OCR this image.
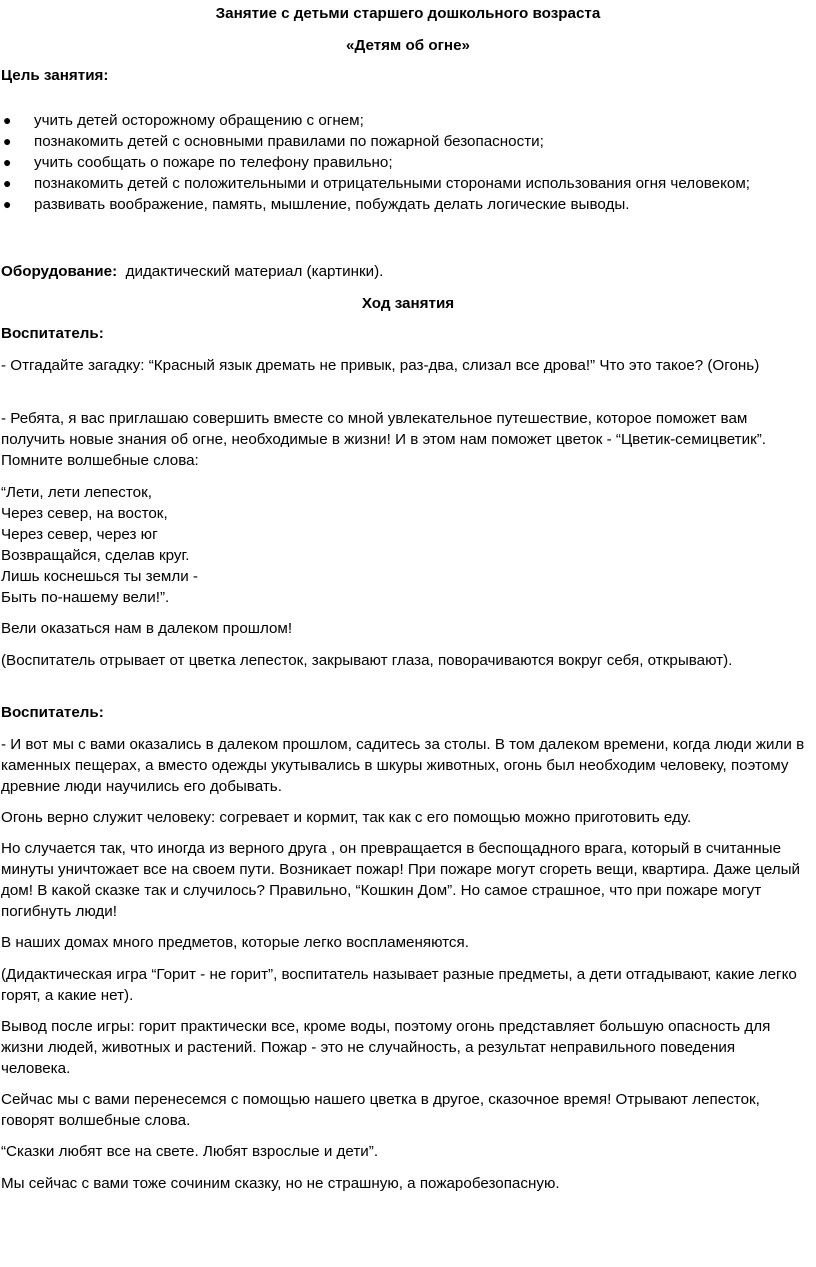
Занятие с детьми старшего дошкольного возраста
«Детям об огне»
Цель занятия:
● учить детей осторожному обращению с огнем;
● познакомить детей с основными правилами по пожарной безопасности;
● учить сообщать о пожаре по телефону правильно;
● познакомить детей с положительными и отрицательными сторонами использования огня человеком;
● развивать воображение, память, мышление, побуждать делать логические выводы.

Оборудование: дидактический материал (картинки).

Ход занятия
Воспитатель:

- Отгадайте загадку: “Красный язык дремать не привык, раз-два, слизал все дрова!” Что это такое? (Огонь)

- Ребята, я вас приглашаю совершить вместе со мной увлекательное путешествие, которое поможет вам получить новые знания об огне, необходимые в жизни! И в этом нам поможет цветок - “Цветик-семицветик”. Помните волшебные слова:

“Лети, лети лепесток,
Через север, на восток,
Через север, через юг
Возвращайся, сделав круг.
Лишь коснешься ты земли -
Быть по-нашему вели!”.

Вели оказаться нам в далеком прошлом!

(Воспитатель отрывает от цветка лепесток, закрывают глаза, поворачиваются вокруг себя, открывают).

Воспитатель:

- И вот мы с вами оказались в далеком прошлом, садитесь за столы. В том далеком времени, когда люди жили в каменных пещерах, а вместо одежды укутывались в шкуры животных, огонь был необходим человеку, поэтому древние люди научились его добывать.

Огонь верно служит человеку: согревает и кормит, так как с его помощью можно приготовить еду.

Но случается так, что иногда из верного друга , он превращается в беспощадного врага, который в считанные минуты уничтожает все на своем пути. Возникает пожар! При пожаре могут сгореть вещи, квартира. Даже целый дом! В какой сказке так и случилось? Правильно, “Кошкин Дом”. Но самое страшное, что при пожаре могут погибнуть люди!

В наших домах много предметов, которые легко воспламеняются.

(Дидактическая игра “Горит - не горит”, воспитатель называет разные предметы, а дети отгадывают, какие легко горят, а какие нет).

Вывод после игры: горит практически все, кроме воды, поэтому огонь представляет большую опасность для жизни людей, животных и растений. Пожар - это не случайность, а результат неправильного поведения человека.

Сейчас мы с вами перенесемся с помощью нашего цветка в другое, сказочное время! Отрывают лепесток, говорят волшебные слова.

“Сказки любят все на свете. Любят взрослые и дети”.

Мы сейчас с вами тоже сочиним сказку, но не страшную, а пожаробезопасную.
